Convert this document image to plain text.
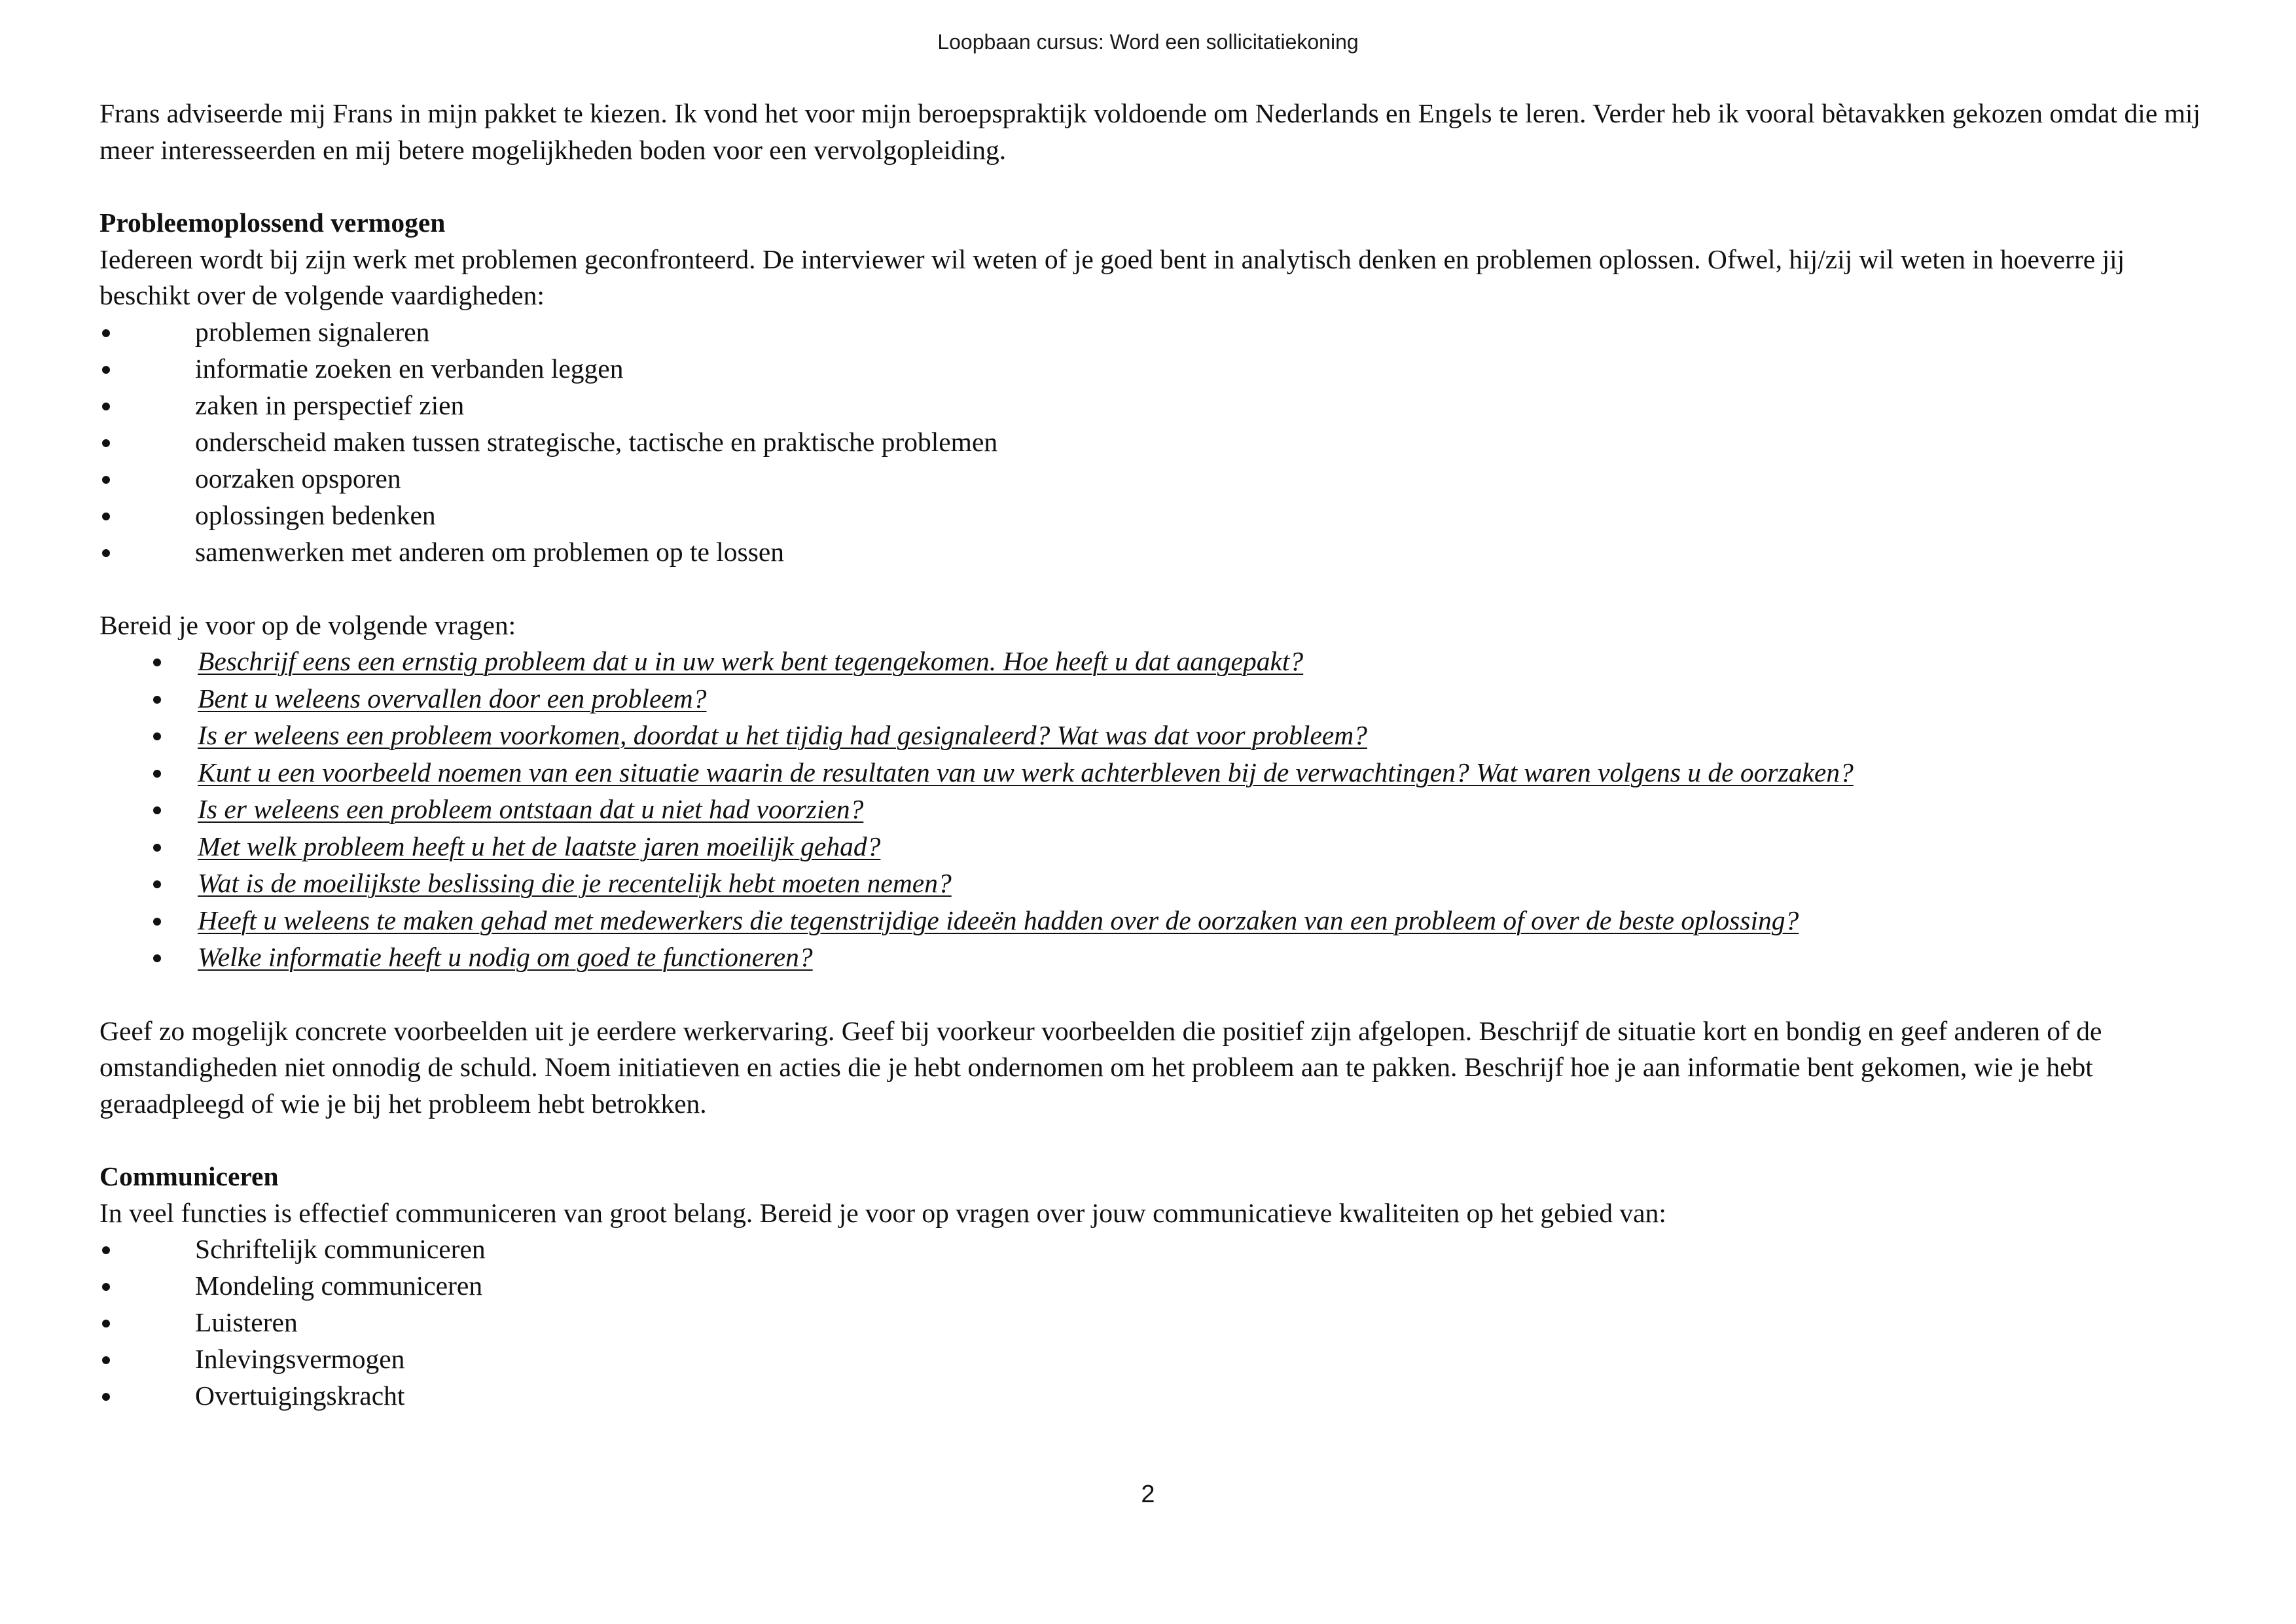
Loopbaan cursus: Word een sollicitatiekoning

Frans adviseerde mij Frans in mijn pakket te kiezen. Ik vond het voor mijn beroepspraktijk voldoende om Nederlands en Engels te leren. Verder heb ik vooral bètavakken gekozen omdat die mij meer interesseerden en mij betere mogelijkheden boden voor een vervolgopleiding.

Probleemoplossend vermogen

Iedereen wordt bij zijn werk met problemen geconfronteerd. De interviewer wil weten of je goed bent in analytisch denken en problemen oplossen. Ofwel, hij/zij wil weten in hoeverre jij beschikt over de volgende vaardigheden:

problemen signaleren
informatie zoeken en verbanden leggen
zaken in perspectief zien
onderscheid maken tussen strategische, tactische en praktische problemen
oorzaken opsporen
oplossingen bedenken
samenwerken met anderen om problemen op te lossen

Bereid je voor op de volgende vragen:

Beschrijf eens een ernstig probleem dat u in uw werk bent tegengekomen. Hoe heeft u dat aangepakt?
Bent u weleens overvallen door een probleem?
Is er weleens een probleem voorkomen, doordat u het tijdig had gesignaleerd? Wat was dat voor probleem?
Kunt u een voorbeeld noemen van een situatie waarin de resultaten van uw werk achterbleven bij de verwachtingen? Wat waren volgens u de oorzaken?
Is er weleens een probleem ontstaan dat u niet had voorzien?
Met welk probleem heeft u het de laatste jaren moeilijk gehad?
Wat is de moeilijkste beslissing die je recentelijk hebt moeten nemen?
Heeft u weleens te maken gehad met medewerkers die tegenstrijdige ideeën hadden over de oorzaken van een probleem of over de beste oplossing?
Welke informatie heeft u nodig om goed te functioneren?

Geef zo mogelijk concrete voorbeelden uit je eerdere werkervaring. Geef bij voorkeur voorbeelden die positief zijn afgelopen. Beschrijf de situatie kort en bondig en geef anderen of de omstandigheden niet onnodig de schuld. Noem initiatieven en acties die je hebt ondernomen om het probleem aan te pakken. Beschrijf hoe je aan informatie bent gekomen, wie je hebt geraadpleegd of wie je bij het probleem hebt betrokken.

Communiceren

In veel functies is effectief communiceren van groot belang. Bereid je voor op vragen over jouw communicatieve kwaliteiten op het gebied van:

Schriftelijk communiceren
Mondeling communiceren
Luisteren
Inlevingsvermogen
Overtuigingskracht
2
